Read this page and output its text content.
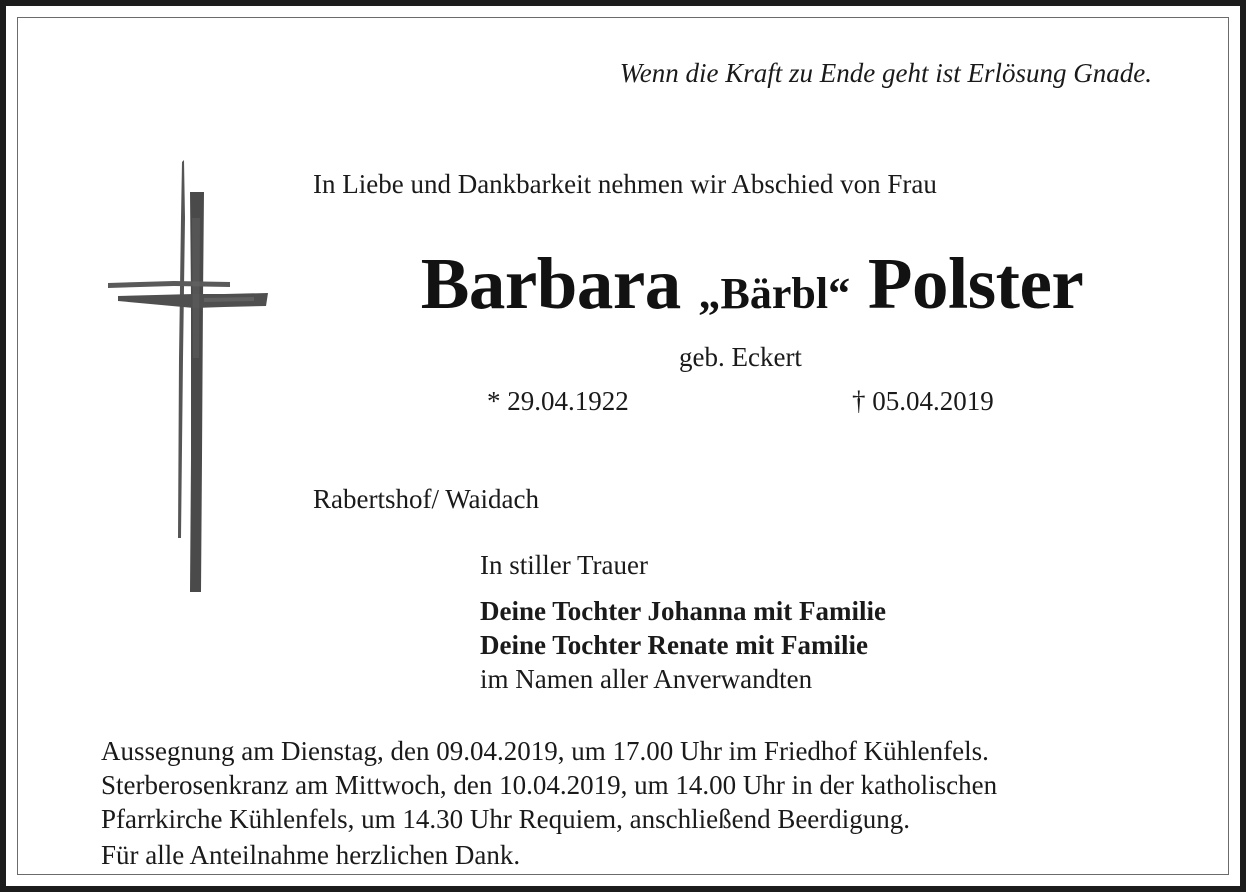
Wenn die Kraft zu Ende geht ist Erlösung Gnade.
In Liebe und Dankbarkeit nehmen wir Abschied von Frau
Barbara „Bärbl“ Polster
geb. Eckert
* 29.04.1922	† 05.04.2019
Rabertshof/ Waidach
In stiller Trauer
Deine Tochter Johanna mit Familie
Deine Tochter Renate mit Familie
im Namen aller Anverwandten
Aussegnung am Dienstag, den 09.04.2019, um 17.00 Uhr im Friedhof Kühlenfels.
Sterberosenkranz am Mittwoch, den 10.04.2019, um 14.00 Uhr in der katholischen
Pfarrkirche Kühlenfels, um 14.30 Uhr Requiem, anschließend Beerdigung.
Für alle Anteilnahme herzlichen Dank.
